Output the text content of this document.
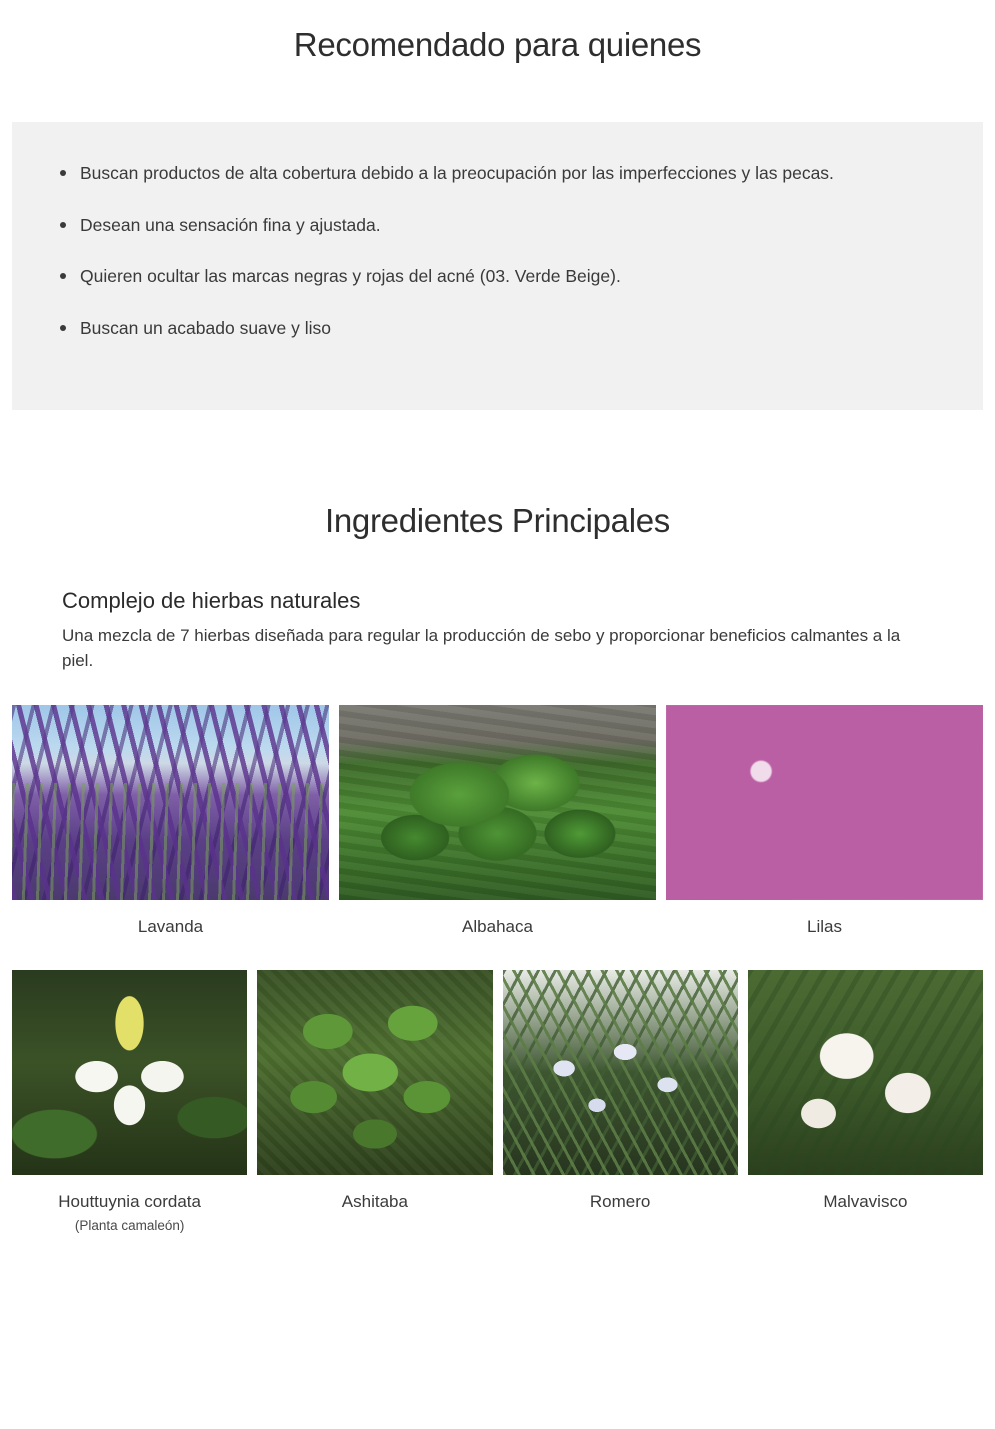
Recomendado para quienes
Buscan productos de alta cobertura debido a la preocupación por las imperfecciones y las pecas.
Desean una sensación fina y ajustada.
Quieren ocultar las marcas negras y rojas del acné (03. Verde Beige).
Buscan un acabado suave y liso
Ingredientes Principales
Complejo de hierbas naturales

Una mezcla de 7 hierbas diseñada para regular la producción de sebo y proporcionar beneficios calmantes a la piel.

Lavanda	Albahaca	Lilas
Houttuynia cordata
(Planta camaleón)
Ashitaba	Romero	Malvavisco
